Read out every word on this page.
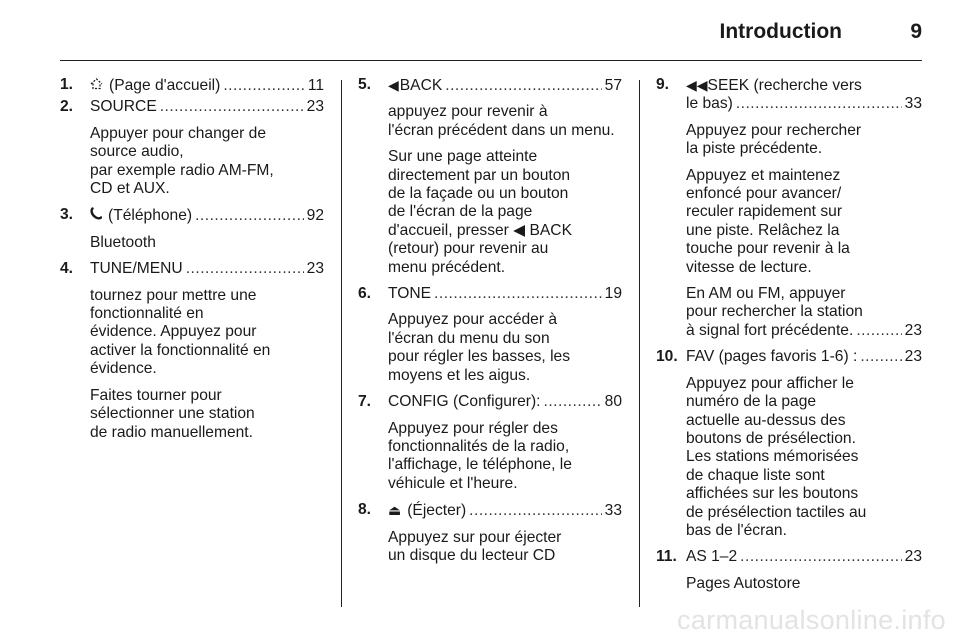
Introduction	9
1.	(Page d'accueil) .....	11
2. SOURCE .....	23
Appuyer pour changer de
source audio,
par exemple radio AM-FM,
CD et AUX.
3.	(Téléphone) .....	92
Bluetooth
4. TUNE/MENU .....	23
tournez pour mettre une
fonctionnalité en
évidence. Appuyez pour
activer la fonctionnalité en
évidence.
Faites tourner pour
sélectionner une station
de radio manuellement.
5. ◀BACK .....	57
appuyez pour revenir à
l'écran précédent dans un menu.
Sur une page atteinte
directement par un bouton
de la façade ou un bouton
de l'écran de la page
d'accueil, presser ◀ BACK
(retour) pour revenir au
menu précédent.
6. TONE .....	19
Appuyez pour accéder à
l'écran du menu du son
pour régler les basses, les
moyens et les aigus.
7. CONFIG (Configurer): .....	80
Appuyez pour régler des
fonctionnalités de la radio,
l'affichage, le téléphone, le
véhicule et l'heure.
8. ⏏ (Éjecter) .....	33
Appuyez sur pour éjecter
un disque du lecteur CD
9. ◀◀SEEK (recherche vers
le bas) .....	33
Appuyez pour rechercher
la piste précédente.
Appuyez et maintenez
enfoncé pour avancer/
reculer rapidement sur
une piste. Relâchez la
touche pour revenir à la
vitesse de lecture.
En AM ou FM, appuyer
pour rechercher la station
à signal fort précédente. .....	23
10. FAV (pages favoris 1-6) : .....	23
Appuyez pour afficher le
numéro de la page
actuelle au-dessus des
boutons de présélection.
Les stations mémorisées
de chaque liste sont
affichées sur les boutons
de présélection tactiles au
bas de l'écran.
11. AS 1–2 .....	23
Pages Autostore
carmanualsonline.info
